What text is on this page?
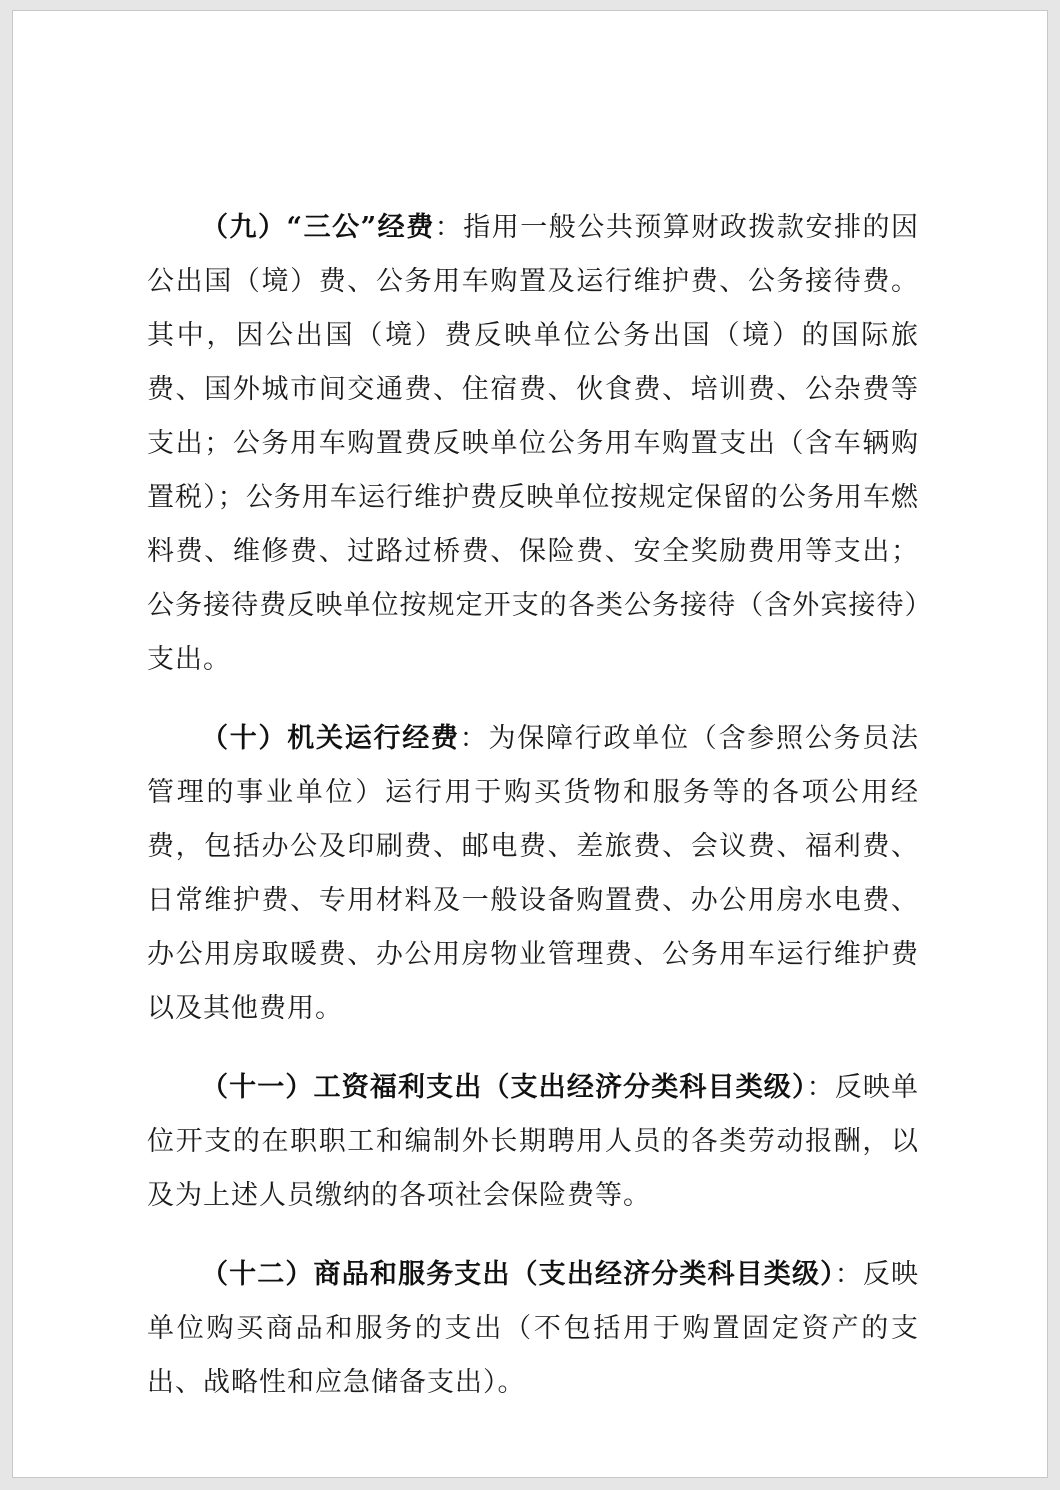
（九）“三公”经费：指用一般公共预算财政拨款安排的因公出国（境）费、公务用车购置及运行维护费、公务接待费。其中，因公出国（境）费反映单位公务出国（境）的国际旅费、国外城市间交通费、住宿费、伙食费、培训费、公杂费等支出；公务用车购置费反映单位公务用车购置支出（含车辆购置税）；公务用车运行维护费反映单位按规定保留的公务用车燃料费、维修费、过路过桥费、保险费、安全奖励费用等支出；公务接待费反映单位按规定开支的各类公务接待（含外宾接待）支出。

（十）机关运行经费：为保障行政单位（含参照公务员法管理的事业单位）运行用于购买货物和服务等的各项公用经费，包括办公及印刷费、邮电费、差旅费、会议费、福利费、日常维护费、专用材料及一般设备购置费、办公用房水电费、办公用房取暖费、办公用房物业管理费、公务用车运行维护费以及其他费用。

（十一）工资福利支出（支出经济分类科目类级）：反映单位开支的在职职工和编制外长期聘用人员的各类劳动报酬，以及为上述人员缴纳的各项社会保险费等。

（十二）商品和服务支出（支出经济分类科目类级）：反映单位购买商品和服务的支出（不包括用于购置固定资产的支出、战略性和应急储备支出）。
